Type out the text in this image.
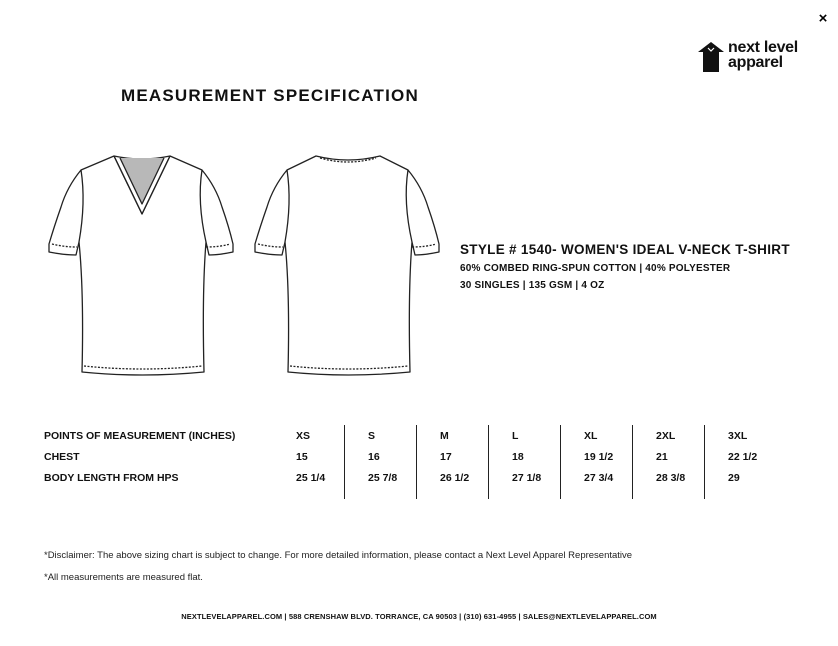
×
next level
apparel
MEASUREMENT SPECIFICATION
STYLE # 1540- WOMEN'S IDEAL V-NECK T-SHIRT
60% COMBED RING-SPUN COTTON | 40% POLYESTER
30 SINGLES | 135 GSM | 4 OZ
POINTS OF MEASUREMENT (INCHES)	XS	S	M	L	XL	2XL	3XL
CHEST	15	16	17	18	19 1/2	21	22 1/2
BODY LENGTH FROM HPS	25 1/4	25 7/8	26 1/2	27 1/8	27 3/4	28 3/8	29
*Disclaimer: The above sizing chart is subject to change. For more detailed information, please contact a Next Level Apparel Representative
*All measurements are measured flat.
NEXTLEVELAPPAREL.COM | 588 CRENSHAW BLVD. TORRANCE, CA 90503 | (310) 631-4955 | SALES@NEXTLEVELAPPAREL.COM
